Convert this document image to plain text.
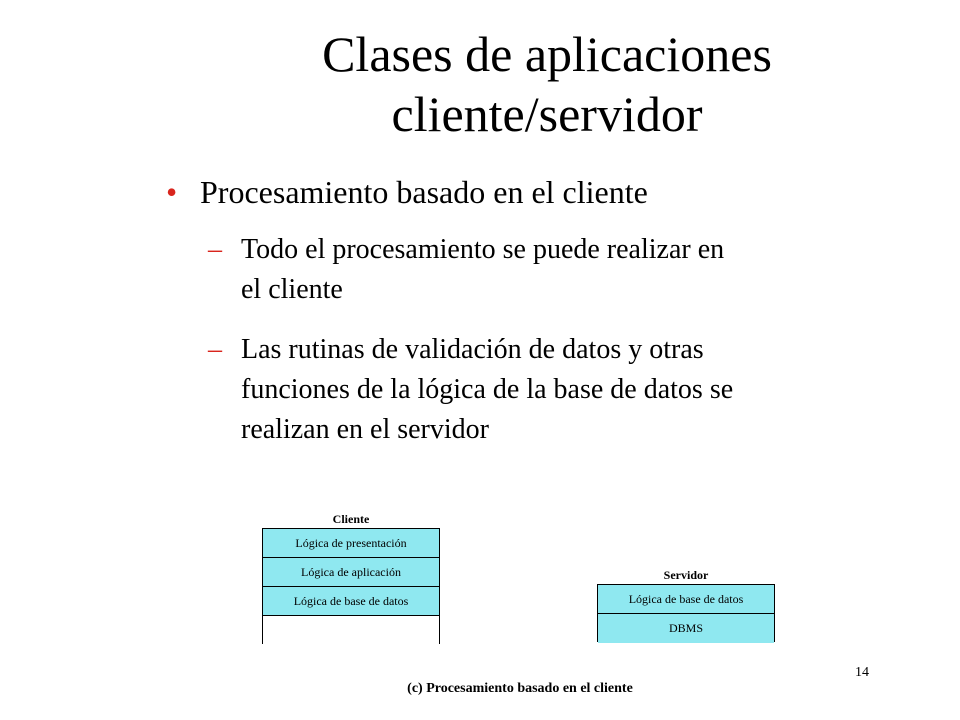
Clases de aplicaciones
cliente/servidor
• Procesamiento basado en el cliente
– Todo el procesamiento se puede realizar en
el cliente
– Las rutinas de validación de datos y otras
funciones de la lógica de la base de datos se
realizan en el servidor
Cliente
Lógica de presentación
Lógica de aplicación
Lógica de base de datos
Servidor
Lógica de base de datos
DBMS
14
(c) Procesamiento basado en el cliente
